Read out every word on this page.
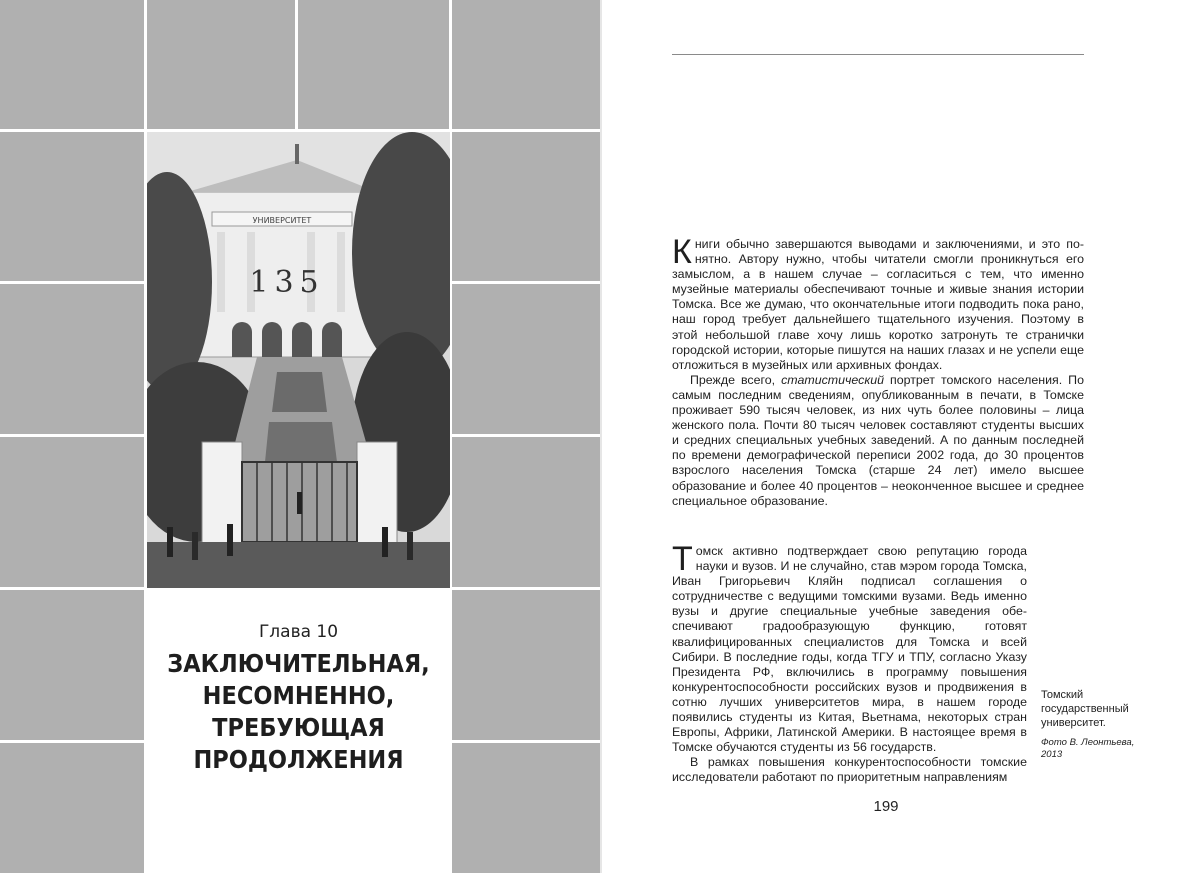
УНИВЕРСИТЕТ
135
Глава 10
ЗАКЛЮЧИТЕЛЬНАЯ,
НЕСОМНЕННО,
ТРЕБУЮЩАЯ
ПРОДОЛЖЕНИЯ

Книги обычно завершаются выводами и заключениями, и это понятно. Автору нужно, чтобы читатели смогли проникнуться его замыслом, а в нашем случае – согласиться с тем, что именно музейные материалы обеспечивают точные и живые знания истории Томска. Все же думаю, что окончательные итоги подводить пока рано, наш город требует дальнейшего тщательного изучения. Поэтому в этой небольшой главе хочу лишь коротко затронуть те странички городской истории, которые пишутся на наших глазах и не успели еще отложиться в музейных или архивных фондах.

Прежде всего, статистический портрет томского населения. По самым последним сведениям, опубликованным в печати, в Томске проживает 590 тысяч человек, из них чуть более половины – лица женского пола. Почти 80 тысяч человек составляют студенты высших и средних специальных учебных заведений. А по данным последней по времени демографической переписи 2002 года, до 30 процентов взрослого населения Томска (старше 24 лет) имело высшее образование и более 40 процентов – неоконченное высшее и среднее специальное образование.

Томск активно подтверждает свою репутацию города науки и вузов. И не случайно, став мэром города Томска, Иван Григорьевич Кляйн подписал соглашения о сотрудничестве с ведущими томскими вузами. Ведь именно вузы и другие специальные учебные заведения обеспечивают градообразующую функцию, готовят квалифицированных специалистов для Томска и всей Сибири. В последние годы, когда ТГУ и ТПУ, согласно Указу Президента РФ, включились в программу повышения конкурентоспособности российских вузов и продвижения в сотню лучших университетов мира, в нашем городе появились студенты из Китая, Вьетнама, некоторых стран Европы, Африки, Латинской Америки. В настоящее время в Томске обучаются студенты из 56 государств.

В рамках повышения конкурентоспособности томские исследователи работают по приоритетным направлениям

Томский государственный университет.
Фото В. Леонтьева, 2013
199
